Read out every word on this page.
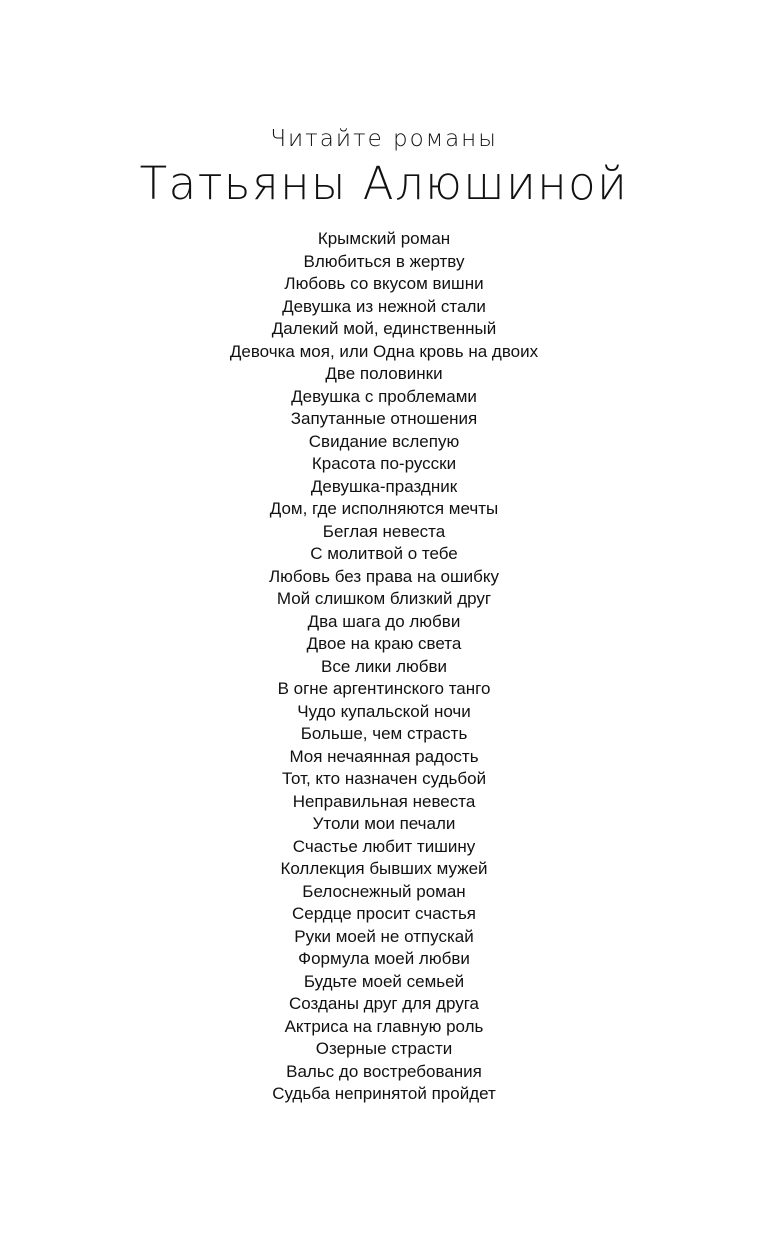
Читайте романы
Татьяны Алюшиной
Крымский роман
Влюбиться в жертву
Любовь со вкусом вишни
Девушка из нежной стали
Далекий мой, единственный
Девочка моя, или Одна кровь на двоих
Две половинки
Девушка с проблемами
Запутанные отношения
Свидание вслепую
Красота по-русски
Девушка-праздник
Дом, где исполняются мечты
Беглая невеста
С молитвой о тебе
Любовь без права на ошибку
Мой слишком близкий друг
Два шага до любви
Двое на краю света
Все лики любви
В огне аргентинского танго
Чудо купальской ночи
Больше, чем страсть
Моя нечаянная радость
Тот, кто назначен судьбой
Неправильная невеста
Утоли мои печали
Счастье любит тишину
Коллекция бывших мужей
Белоснежный роман
Сердце просит счастья
Руки моей не отпускай
Формула моей любви
Будьте моей семьей
Созданы друг для друга
Актриса на главную роль
Озерные страсти
Вальс до востребования
Судьба непринятой пройдет
